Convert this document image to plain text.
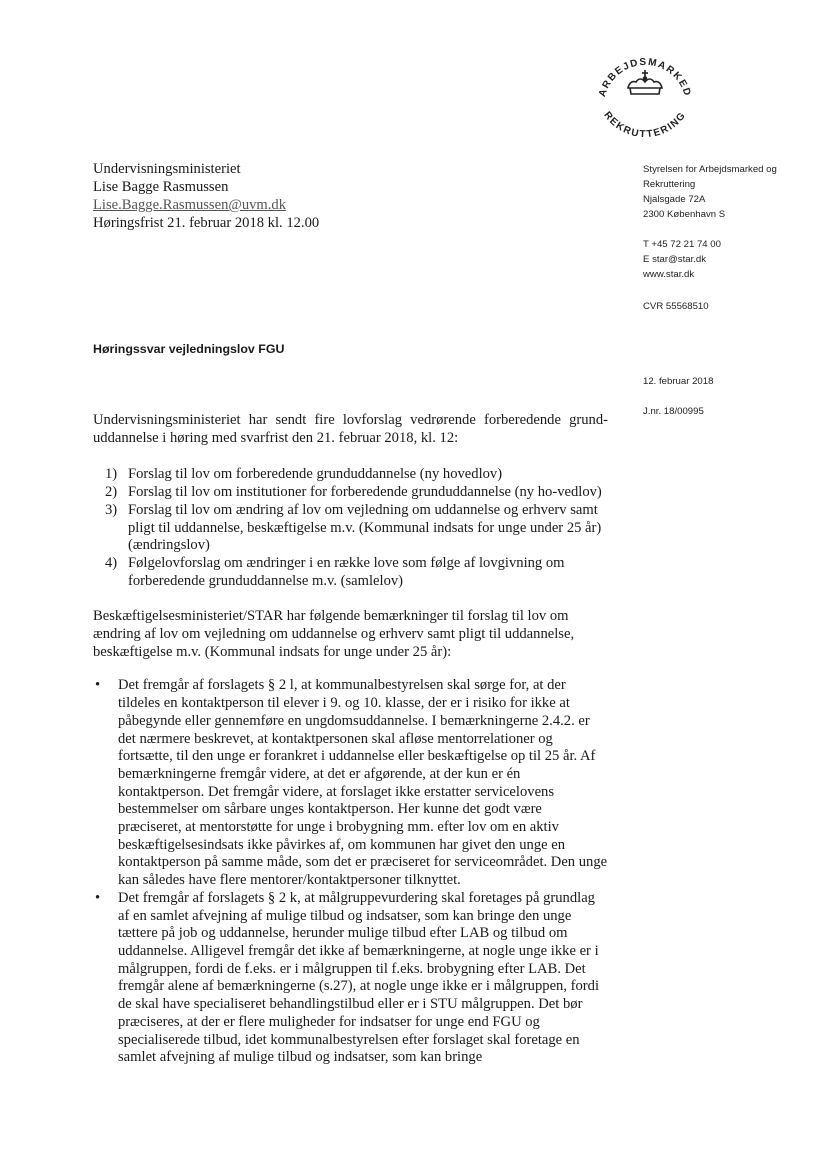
ARBEJDSMARKED
REKRUTTERING
Undervisningsministeriet
Lise Bagge Rasmussen
Lise.Bagge.Rasmussen@uvm.dk
Høringsfrist 21. februar 2018 kl. 12.00
Styrelsen for Arbejdsmarked og
Rekruttering
Njalsgade 72A
2300 København S
T +45 72 21 74 00
E star@star.dk
www.star.dk
CVR 55568510
12. februar 2018
J.nr. 18/00995
Høringssvar vejledningslov FGU

Undervisningsministeriet har sendt fire lovforslag vedrørende forberedende grund-uddannelse i høring med svarfrist den 21. februar 2018, kl. 12:

1) Forslag til lov om forberedende grunduddannelse (ny hovedlov)
2) Forslag til lov om institutioner for forberedende grunduddannelse (ny ho-vedlov)
3) Forslag til lov om ændring af lov om vejledning om uddannelse og erhverv samt pligt til uddannelse, beskæftigelse m.v. (Kommunal indsats for unge under 25 år) (ændringslov)
4) Følgelovforslag om ændringer i en række love som følge af lovgivning om forberedende grunduddannelse m.v. (samlelov)

Beskæftigelsesministeriet/STAR har følgende bemærkninger til forslag til lov om ændring af lov om vejledning om uddannelse og erhverv samt pligt til uddannelse, beskæftigelse m.v. (Kommunal indsats for unge under 25 år):

• Det fremgår af forslagets § 2 l, at kommunalbestyrelsen skal sørge for, at der tildeles en kontaktperson til elever i 9. og 10. klasse, der er i risiko for ikke at påbegynde eller gennemføre en ungdomsuddannelse. I bemærkningerne 2.4.2. er det nærmere beskrevet, at kontaktpersonen skal afløse mentorrelationer og fortsætte, til den unge er forankret i uddannelse eller beskæftigelse op til 25 år. Af bemærkningerne fremgår videre, at det er afgørende, at der kun er én kontaktperson. Det fremgår videre, at forslaget ikke erstatter servicelovens bestemmelser om sårbare unges kontaktperson. Her kunne det godt være præciseret, at mentorstøtte for unge i brobygning mm. efter lov om en aktiv beskæftigelsesindsats ikke påvirkes af, om kommunen har givet den unge en kontaktperson på samme måde, som det er præciseret for serviceområdet. Den unge kan således have flere mentorer/kontaktpersoner tilknyttet.
• Det fremgår af forslagets § 2 k, at målgruppevurdering skal foretages på grundlag af en samlet afvejning af mulige tilbud og indsatser, som kan bringe den unge tættere på job og uddannelse, herunder mulige tilbud efter LAB og tilbud om uddannelse. Alligevel fremgår det ikke af bemærkningerne, at nogle unge ikke er i målgruppen, fordi de f.eks. er i målgruppen til f.eks. brobygning efter LAB. Det fremgår alene af bemærkningerne (s.27), at nogle unge ikke er i målgruppen, fordi de skal have specialiseret behandlingstilbud eller er i STU målgruppen. Det bør præciseres, at der er flere muligheder for indsatser for unge end FGU og specialiserede tilbud, idet kommunalbestyrelsen efter forslaget skal foretage en samlet afvejning af mulige tilbud og indsatser, som kan bringe
